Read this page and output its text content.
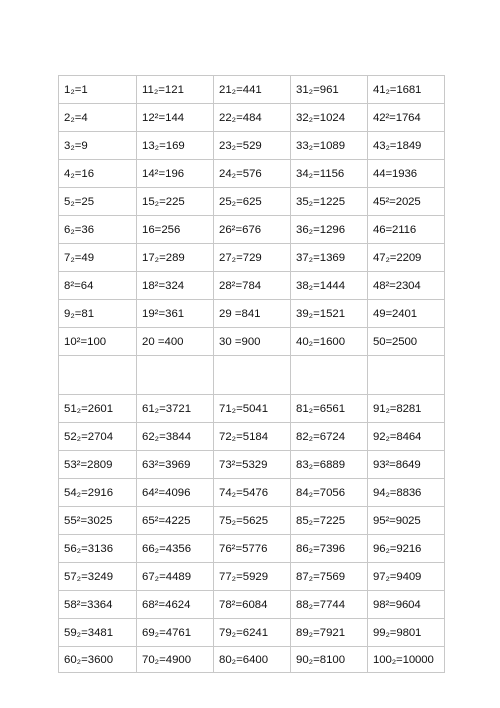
1₂=1	11₂=121	21₂=441	31₂=961	41₂=1681
2₂=4	12²=144	22₂=484	32₂=1024	42²=1764
3₂=9	13₂=169	23₂=529	33₂=1089	43₂=1849
4₂=16	14²=196	24₂=576	34₂=1156	44=1936
5₂=25	15₂=225	25₂=625	35₂=1225	45²=2025
6₂=36	16=256	26²=676	36₂=1296	46=2116
7₂=49	17₂=289	27₂=729	37₂=1369	47₂=2209
8²=64	18²=324	28²=784	38₂=1444	48²=2304
9₂=81	19²=361	29 =841	39₂=1521	49=2401
10²=100	20 =400	30 =900	40₂=1600	50=2500

51₂=2601	61₂=3721	71₂=5041	81₂=6561	91₂=8281
52₂=2704	62₂=3844	72₂=5184	82₂=6724	92₂=8464
53²=2809	63²=3969	73²=5329	83₂=6889	93²=8649
54₂=2916	64²=4096	74₂=5476	84₂=7056	94₂=8836
55²=3025	65²=4225	75₂=5625	85₂=7225	95²=9025
56₂=3136	66₂=4356	76²=5776	86₂=7396	96₂=9216
57₂=3249	67₂=4489	77₂=5929	87₂=7569	97₂=9409
58²=3364	68²=4624	78²=6084	88₂=7744	98²=9604
59₂=3481	69₂=4761	79₂=6241	89₂=7921	99₂=9801
60₂=3600	70₂=4900	80₂=6400	90₂=8100	100₂=10000
